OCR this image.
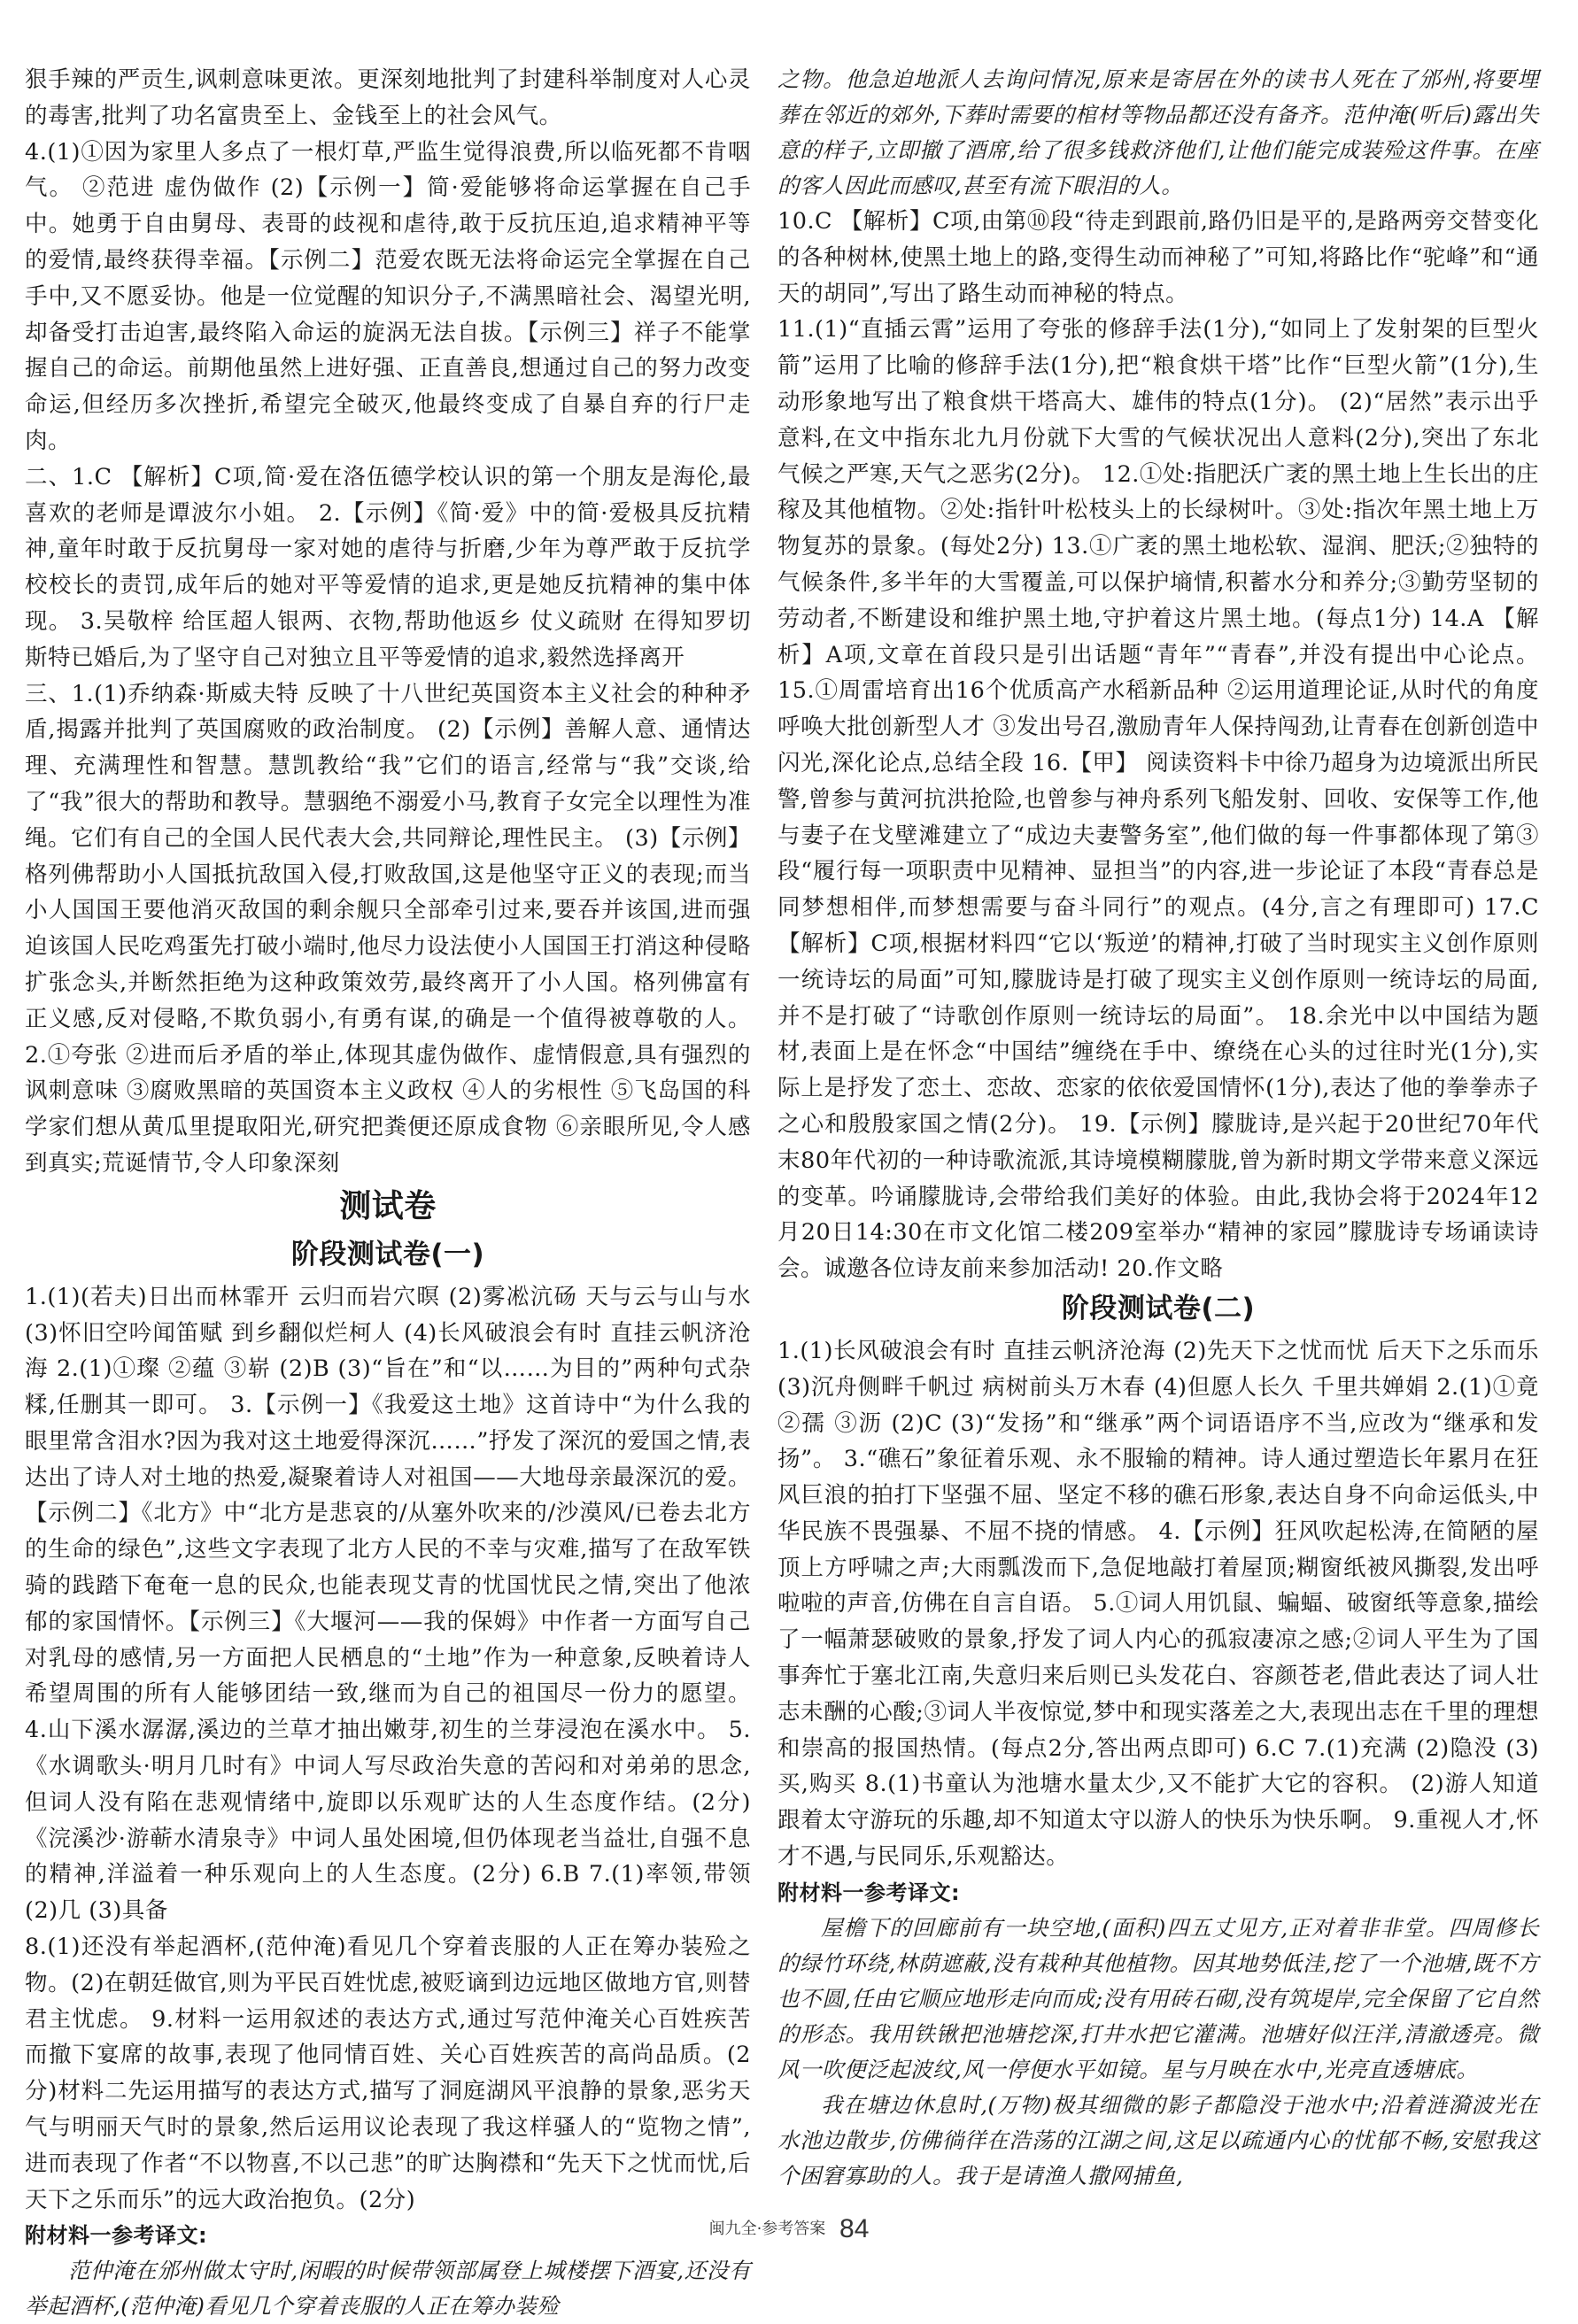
狠手辣的严贡生,讽刺意味更浓。更深刻地批判了封建科举制度对人心灵的毒害,批判了功名富贵至上、金钱至上的社会风气。

4.(1)①因为家里人多点了一根灯草,严监生觉得浪费,所以临死都不肯咽气。 ②范进 虚伪做作 (2)【示例一】简·爱能够将命运掌握在自己手中。她勇于自由舅母、表哥的歧视和虐待,敢于反抗压迫,追求精神平等的爱情,最终获得幸福。【示例二】范爱农既无法将命运完全掌握在自己手中,又不愿妥协。他是一位觉醒的知识分子,不满黑暗社会、渴望光明,却备受打击迫害,最终陷入命运的旋涡无法自拔。【示例三】祥子不能掌握自己的命运。前期他虽然上进好强、正直善良,想通过自己的努力改变命运,但经历多次挫折,希望完全破灭,他最终变成了自暴自弃的行尸走肉。

二、1.C 【解析】C项,简·爱在洛伍德学校认识的第一个朋友是海伦,最喜欢的老师是谭波尔小姐。 2.【示例】《简·爱》中的简·爱极具反抗精神,童年时敢于反抗舅母一家对她的虐待与折磨,少年为尊严敢于反抗学校校长的责罚,成年后的她对平等爱情的追求,更是她反抗精神的集中体现。 3.吴敬梓 给匡超人银两、衣物,帮助他返乡 仗义疏财 在得知罗切斯特已婚后,为了坚守自己对独立且平等爱情的追求,毅然选择离开

三、1.(1)乔纳森·斯威夫特 反映了十八世纪英国资本主义社会的种种矛盾,揭露并批判了英国腐败的政治制度。 (2)【示例】善解人意、通情达理、充满理性和智慧。慧凯教给“我”它们的语言,经常与“我”交谈,给了“我”很大的帮助和教导。慧骃绝不溺爱小马,教育子女完全以理性为准绳。它们有自己的全国人民代表大会,共同辩论,理性民主。 (3)【示例】格列佛帮助小人国抵抗敌国入侵,打败敌国,这是他坚守正义的表现;而当小人国国王要他消灭敌国的剩余舰只全部牵引过来,要吞并该国,进而强迫该国人民吃鸡蛋先打破小端时,他尽力设法使小人国国王打消这种侵略扩张念头,并断然拒绝为这种政策效劳,最终离开了小人国。格列佛富有正义感,反对侵略,不欺负弱小,有勇有谋,的确是一个值得被尊敬的人。 2.①夸张 ②进而后矛盾的举止,体现其虚伪做作、虚情假意,具有强烈的讽刺意味 ③腐败黑暗的英国资本主义政权 ④人的劣根性 ⑤飞岛国的科学家们想从黄瓜里提取阳光,研究把粪便还原成食物 ⑥亲眼所见,令人感到真实;荒诞情节,令人印象深刻

测试卷
阶段测试卷(一)

1.(1)(若夫)日出而林霏开 云归而岩穴暝 (2)雾凇沆砀 天与云与山与水 (3)怀旧空吟闻笛赋 到乡翻似烂柯人 (4)长风破浪会有时 直挂云帆济沧海 2.(1)①璨 ②蕴 ③崭 (2)B (3)“旨在”和“以……为目的”两种句式杂糅,任删其一即可。 3.【示例一】《我爱这土地》这首诗中“为什么我的眼里常含泪水?因为我对这土地爱得深沉……”抒发了深沉的爱国之情,表达出了诗人对土地的热爱,凝聚着诗人对祖国——大地母亲最深沉的爱。【示例二】《北方》中“北方是悲哀的/从塞外吹来的/沙漠风/已卷去北方的生命的绿色”,这些文字表现了北方人民的不幸与灾难,描写了在敌军铁骑的践踏下奄奄一息的民众,也能表现艾青的忧国忧民之情,突出了他浓郁的家国情怀。【示例三】《大堰河——我的保姆》中作者一方面写自己对乳母的感情,另一方面把人民栖息的“土地”作为一种意象,反映着诗人希望周围的所有人能够团结一致,继而为自己的祖国尽一份力的愿望。 4.山下溪水潺潺,溪边的兰草才抽出嫩芽,初生的兰芽浸泡在溪水中。 5.《水调歌头·明月几时有》中词人写尽政治失意的苦闷和对弟弟的思念,但词人没有陷在悲观情绪中,旋即以乐观旷达的人生态度作结。(2分)《浣溪沙·游蕲水清泉寺》中词人虽处困境,但仍体现老当益壮,自强不息的精神,洋溢着一种乐观向上的人生态度。(2分) 6.B 7.(1)率领,带领 (2)几 (3)具备

8.(1)还没有举起酒杯,(范仲淹)看见几个穿着丧服的人正在筹办装殓之物。(2)在朝廷做官,则为平民百姓忧虑,被贬谪到边远地区做地方官,则替君主忧虑。 9.材料一运用叙述的表达方式,通过写范仲淹关心百姓疾苦而撤下宴席的故事,表现了他同情百姓、关心百姓疾苦的高尚品质。(2分)材料二先运用描写的表达方式,描写了洞庭湖风平浪静的景象,恶劣天气与明丽天气时的景象,然后运用议论表现了我这样骚人的“览物之情”,进而表现了作者“不以物喜,不以己悲”的旷达胸襟和“先天下之忧而忧,后天下之乐而乐”的远大政治抱负。(2分)

附材料一参考译文:

范仲淹在邠州做太守时,闲暇的时候带领部属登上城楼摆下酒宴,还没有举起酒杯,(范仲淹)看见几个穿着丧服的人正在筹办装殓

之物。他急迫地派人去询问情况,原来是寄居在外的读书人死在了邠州,将要埋葬在邻近的郊外,下葬时需要的棺材等物品都还没有备齐。范仲淹(听后)露出失意的样子,立即撤了酒席,给了很多钱救济他们,让他们能完成装殓这件事。在座的客人因此而感叹,甚至有流下眼泪的人。

10.C 【解析】C项,由第⑩段“待走到跟前,路仍旧是平的,是路两旁交替变化的各种树林,使黑土地上的路,变得生动而神秘了”可知,将路比作“驼峰”和“通天的胡同”,写出了路生动而神秘的特点。

11.(1)“直插云霄”运用了夸张的修辞手法(1分),“如同上了发射架的巨型火箭”运用了比喻的修辞手法(1分),把“粮食烘干塔”比作“巨型火箭”(1分),生动形象地写出了粮食烘干塔高大、雄伟的特点(1分)。 (2)“居然”表示出乎意料,在文中指东北九月份就下大雪的气候状况出人意料(2分),突出了东北气候之严寒,天气之恶劣(2分)。 12.①处:指肥沃广袤的黑土地上生长出的庄稼及其他植物。②处:指针叶松枝头上的长绿树叶。③处:指次年黑土地上万物复苏的景象。(每处2分) 13.①广袤的黑土地松软、湿润、肥沃;②独特的气候条件,多半年的大雪覆盖,可以保护墒情,积蓄水分和养分;③勤劳坚韧的劳动者,不断建设和维护黑土地,守护着这片黑土地。(每点1分) 14.A 【解析】A项,文章在首段只是引出话题“青年”“青春”,并没有提出中心论点。 15.①周雷培育出16个优质高产水稻新品种 ②运用道理论证,从时代的角度呼唤大批创新型人才 ③发出号召,激励青年人保持闯劲,让青春在创新创造中闪光,深化论点,总结全段 16.【甲】 阅读资料卡中徐乃超身为边境派出所民警,曾参与黄河抗洪抢险,也曾参与神舟系列飞船发射、回收、安保等工作,他与妻子在戈壁滩建立了“成边夫妻警务室”,他们做的每一件事都体现了第③段“履行每一项职责中见精神、显担当”的内容,进一步论证了本段“青春总是同梦想相伴,而梦想需要与奋斗同行”的观点。(4分,言之有理即可) 17.C 【解析】C项,根据材料四“它以‘叛逆’的精神,打破了当时现实主义创作原则一统诗坛的局面”可知,朦胧诗是打破了现实主义创作原则一统诗坛的局面,并不是打破了“诗歌创作原则一统诗坛的局面”。 18.余光中以中国结为题材,表面上是在怀念“中国结”缠绕在手中、缭绕在心头的过往时光(1分),实际上是抒发了恋土、恋故、恋家的依依爱国情怀(1分),表达了他的拳拳赤子之心和殷殷家国之情(2分)。 19.【示例】朦胧诗,是兴起于20世纪70年代末80年代初的一种诗歌流派,其诗境模糊朦胧,曾为新时期文学带来意义深远的变革。吟诵朦胧诗,会带给我们美好的体验。由此,我协会将于2024年12月20日14:30在市文化馆二楼209室举办“精神的家园”朦胧诗专场诵读诗会。诚邀各位诗友前来参加活动! 20.作文略

阶段测试卷(二)

1.(1)长风破浪会有时 直挂云帆济沧海 (2)先天下之忧而忧 后天下之乐而乐 (3)沉舟侧畔千帆过 病树前头万木春 (4)但愿人长久 千里共婵娟 2.(1)①竟 ②孺 ③沥 (2)C (3)“发扬”和“继承”两个词语语序不当,应改为“继承和发扬”。 3.“礁石”象征着乐观、永不服输的精神。诗人通过塑造长年累月在狂风巨浪的拍打下坚强不屈、坚定不移的礁石形象,表达自身不向命运低头,中华民族不畏强暴、不屈不挠的情感。 4.【示例】狂风吹起松涛,在简陋的屋顶上方呼啸之声;大雨瓢泼而下,急促地敲打着屋顶;糊窗纸被风撕裂,发出呼啦啦的声音,仿佛在自言自语。 5.①词人用饥鼠、蝙蝠、破窗纸等意象,描绘了一幅萧瑟破败的景象,抒发了词人内心的孤寂凄凉之感;②词人平生为了国事奔忙于塞北江南,失意归来后则已头发花白、容颜苍老,借此表达了词人壮志未酬的心酸;③词人半夜惊觉,梦中和现实落差之大,表现出志在千里的理想和崇高的报国热情。(每点2分,答出两点即可) 6.C 7.(1)充满 (2)隐没 (3)买,购买 8.(1)书童认为池塘水量太少,又不能扩大它的容积。 (2)游人知道跟着太守游玩的乐趣,却不知道太守以游人的快乐为快乐啊。 9.重视人才,怀才不遇,与民同乐,乐观豁达。

附材料一参考译文:

屋檐下的回廊前有一块空地,(面积)四五丈见方,正对着非非堂。四周修长的绿竹环绕,林荫遮蔽,没有栽种其他植物。因其地势低洼,挖了一个池塘,既不方也不圆,任由它顺应地形走向而成;没有用砖石砌,没有筑堤岸,完全保留了它自然的形态。我用铁锹把池塘挖深,打井水把它灌满。池塘好似汪洋,清澈透亮。微风一吹便泛起波纹,风一停便水平如镜。星与月映在水中,光亮直透塘底。

我在塘边休息时,(万物)极其细微的影子都隐没于池水中;沿着涟漪波光在水池边散步,仿佛徜徉在浩荡的江湖之间,这足以疏通内心的忧郁不畅,安慰我这个困窘寡助的人。我于是请渔人撒网捕鱼,

闽九全·参考答案 84
